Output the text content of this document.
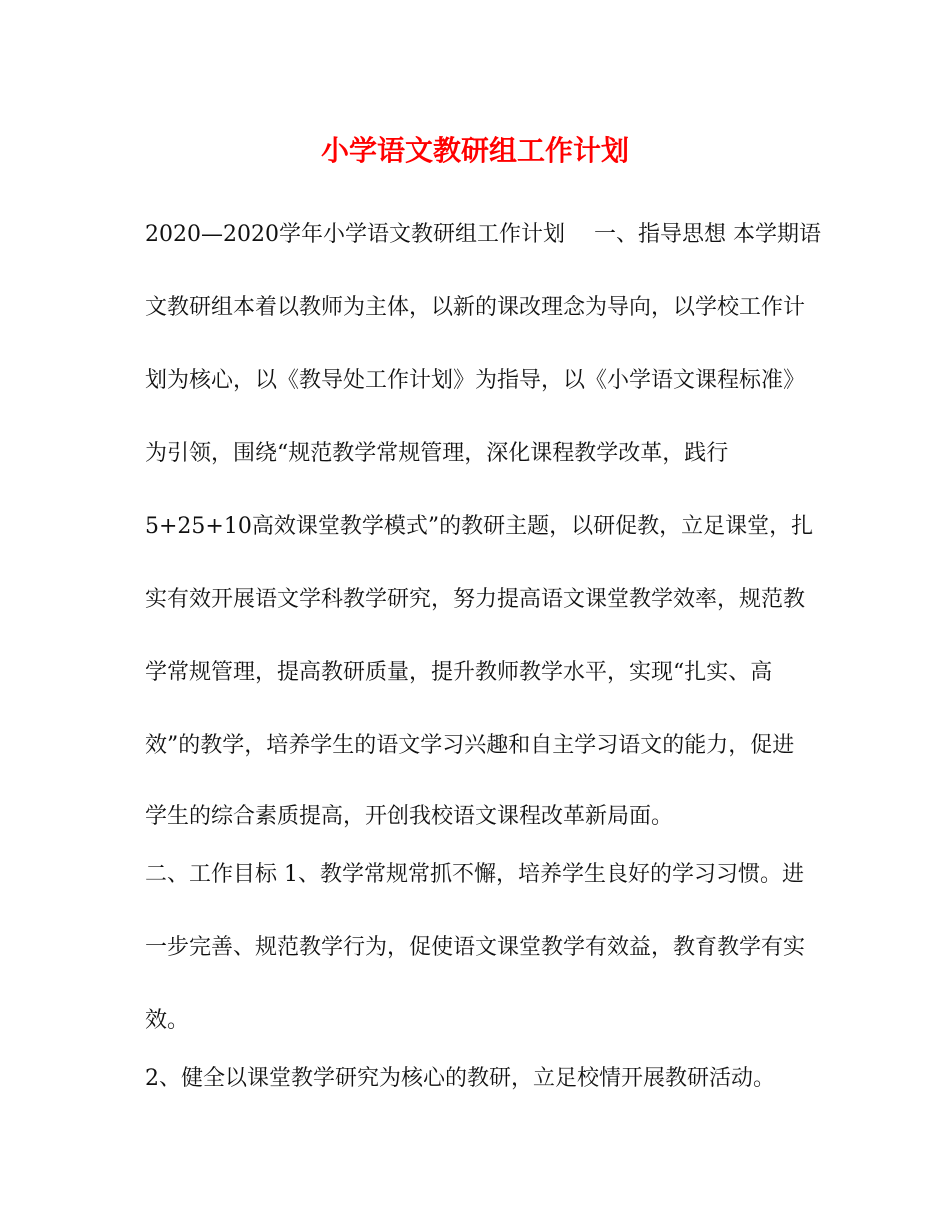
小学语文教研组工作计划
2020—2020学年小学语文教研组工作计划　 一、指导思想 本学期语
文教研组本着以教师为主体，以新的课改理念为导向，以学校工作计
划为核心，以《教导处工作计划》为指导，以《小学语文课程标准》
为引领，围绕“规范教学常规管理，深化课程教学改革，践行
5+25+10高效课堂教学模式”的教研主题，以研促教，立足课堂，扎
实有效开展语文学科教学研究，努力提高语文课堂教学效率，规范教
学常规管理，提高教研质量，提升教师教学水平，实现“扎实、高
效”的教学，培养学生的语文学习兴趣和自主学习语文的能力，促进
学生的综合素质提高，开创我校语文课程改革新局面。
二、工作目标 1、教学常规常抓不懈，培养学生良好的学习习惯。进
一步完善、规范教学行为，促使语文课堂教学有效益，教育教学有实
效。
2、健全以课堂教学研究为核心的教研，立足校情开展教研活动。
